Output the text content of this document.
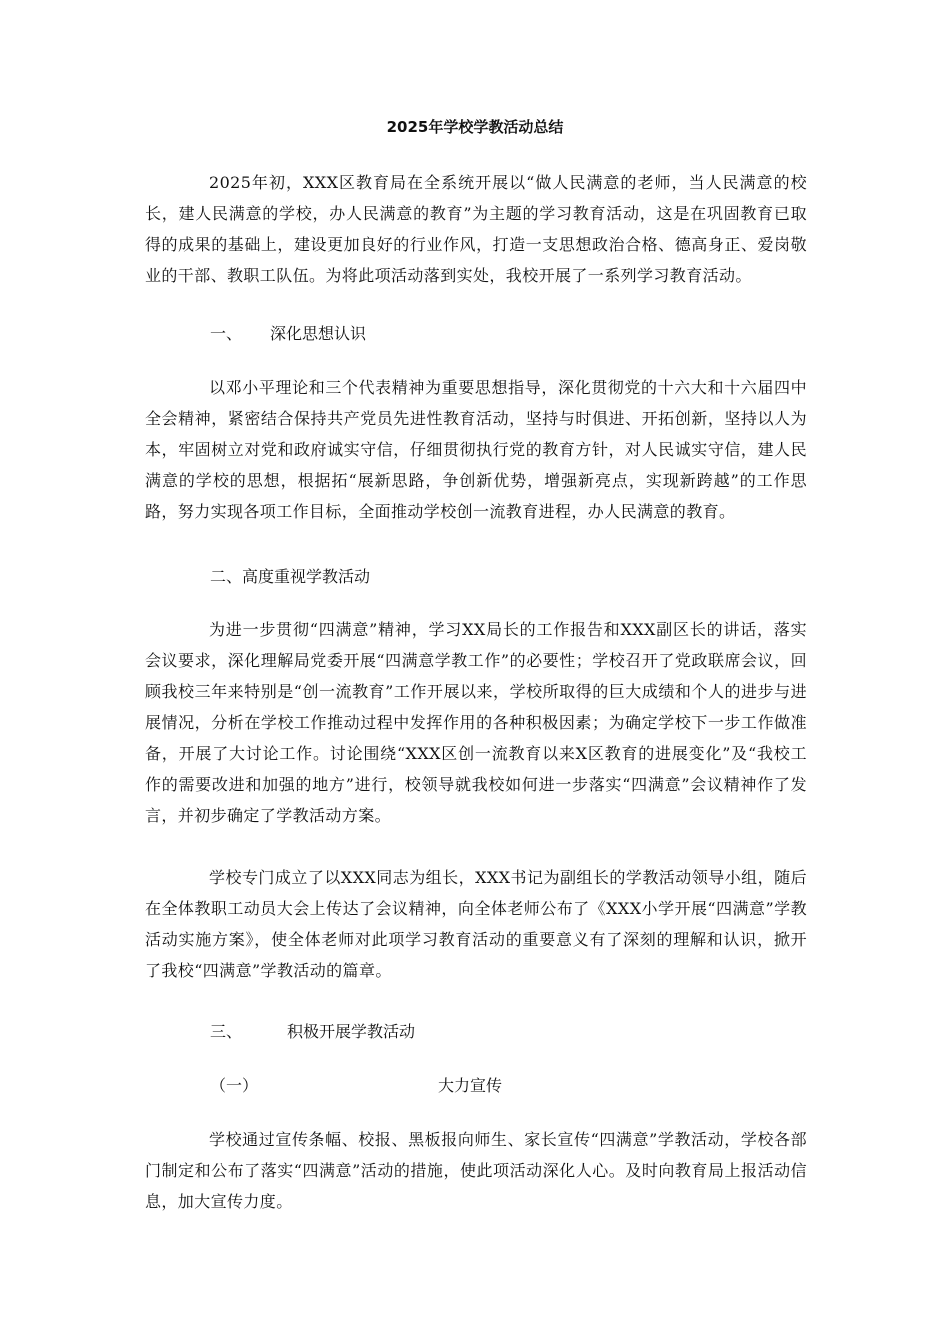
2025年学校学教活动总结

2025年初，XXX区教育局在全系统开展以“做人民满意的老师，当人民满意的校长，建人民满意的学校，办人民满意的教育”为主题的学习教育活动，这是在巩固教育已取得的成果的基础上，建设更加良好的行业作风，打造一支思想政治合格、德高身正、爱岗敬业的干部、教职工队伍。为将此项活动落到实处，我校开展了一系列学习教育活动。

一、 深化思想认识

以邓小平理论和三个代表精神为重要思想指导，深化贯彻党的十六大和十六届四中全会精神，紧密结合保持共产党员先进性教育活动，坚持与时俱进、开拓创新，坚持以人为本，牢固树立对党和政府诚实守信，仔细贯彻执行党的教育方针，对人民诚实守信，建人民满意的学校的思想，根据拓“展新思路，争创新优势，增强新亮点，实现新跨越”的工作思路，努力实现各项工作目标，全面推动学校创一流教育进程，办人民满意的教育。

二、高度重视学教活动

为进一步贯彻“四满意”精神，学习XX局长的工作报告和XXX副区长的讲话，落实会议要求，深化理解局党委开展“四满意学教工作”的必要性；学校召开了党政联席会议，回顾我校三年来特别是“创一流教育”工作开展以来，学校所取得的巨大成绩和个人的进步与进展情况，分析在学校工作推动过程中发挥作用的各种积极因素；为确定学校下一步工作做准备，开展了大讨论工作。讨论围绕“XXX区创一流教育以来X区教育的进展变化”及“我校工作的需要改进和加强的地方”进行，校领导就我校如何进一步落实“四满意”会议精神作了发言，并初步确定了学教活动方案。

学校专门成立了以XXX同志为组长，XXX书记为副组长的学教活动领导小组，随后在全体教职工动员大会上传达了会议精神，向全体老师公布了《XXX小学开展“四满意”学教活动实施方案》，使全体老师对此项学习教育活动的重要意义有了深刻的理解和认识，掀开了我校“四满意”学教活动的篇章。

三、	积极开展学教活动
（一）	大力宣传

学校通过宣传条幅、校报、黑板报向师生、家长宣传“四满意”学教活动，学校各部门制定和公布了落实“四满意”活动的措施，使此项活动深化人心。及时向教育局上报活动信息，加大宣传力度。
